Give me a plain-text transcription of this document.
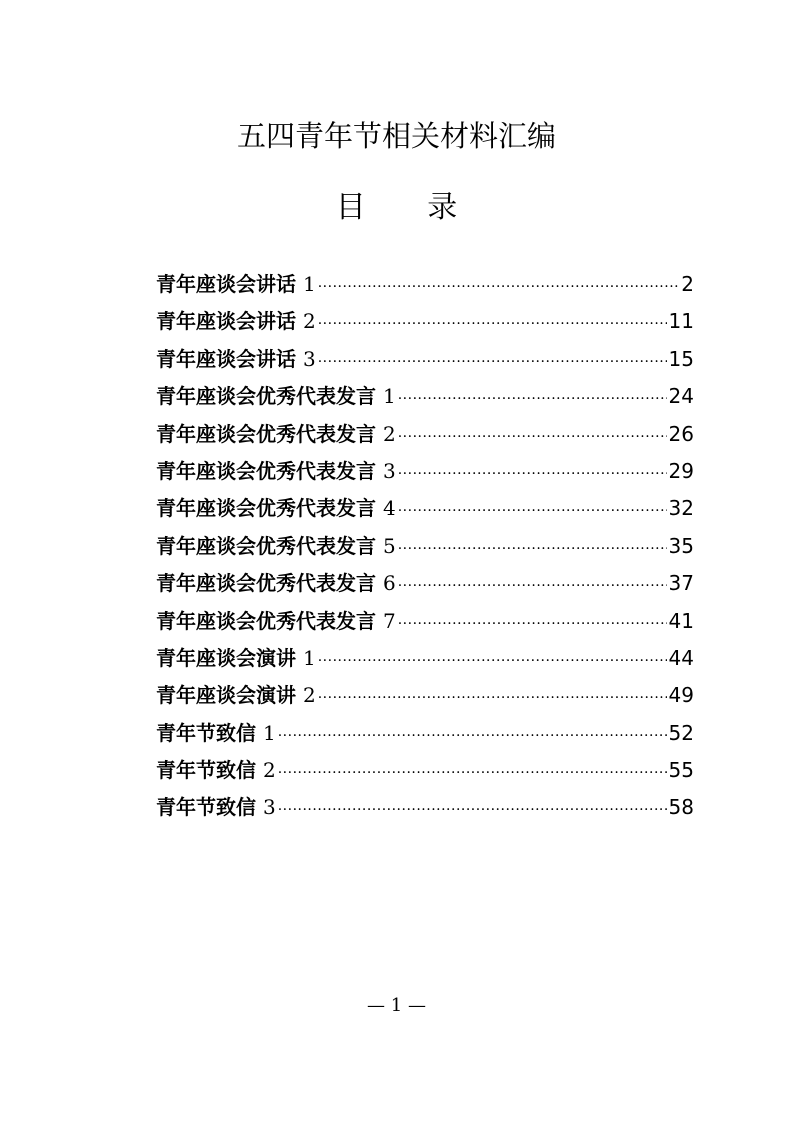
五四青年节相关材料汇编
目 录
青年座谈会讲话 1 ·····	2
青年座谈会讲话 2 ·····	11
青年座谈会讲话 3 ·····	15
青年座谈会优秀代表发言 1 ·····	24
青年座谈会优秀代表发言 2 ·····	26
青年座谈会优秀代表发言 3 ·····	29
青年座谈会优秀代表发言 4 ·····	32
青年座谈会优秀代表发言 5 ·····	35
青年座谈会优秀代表发言 6 ·····	37
青年座谈会优秀代表发言 7 ·····	41
青年座谈会演讲 1 ·····	44
青年座谈会演讲 2 ·····	49
青年节致信 1 ·····	52
青年节致信 2 ·····	55
青年节致信 3 ·····	58
— 1 —
